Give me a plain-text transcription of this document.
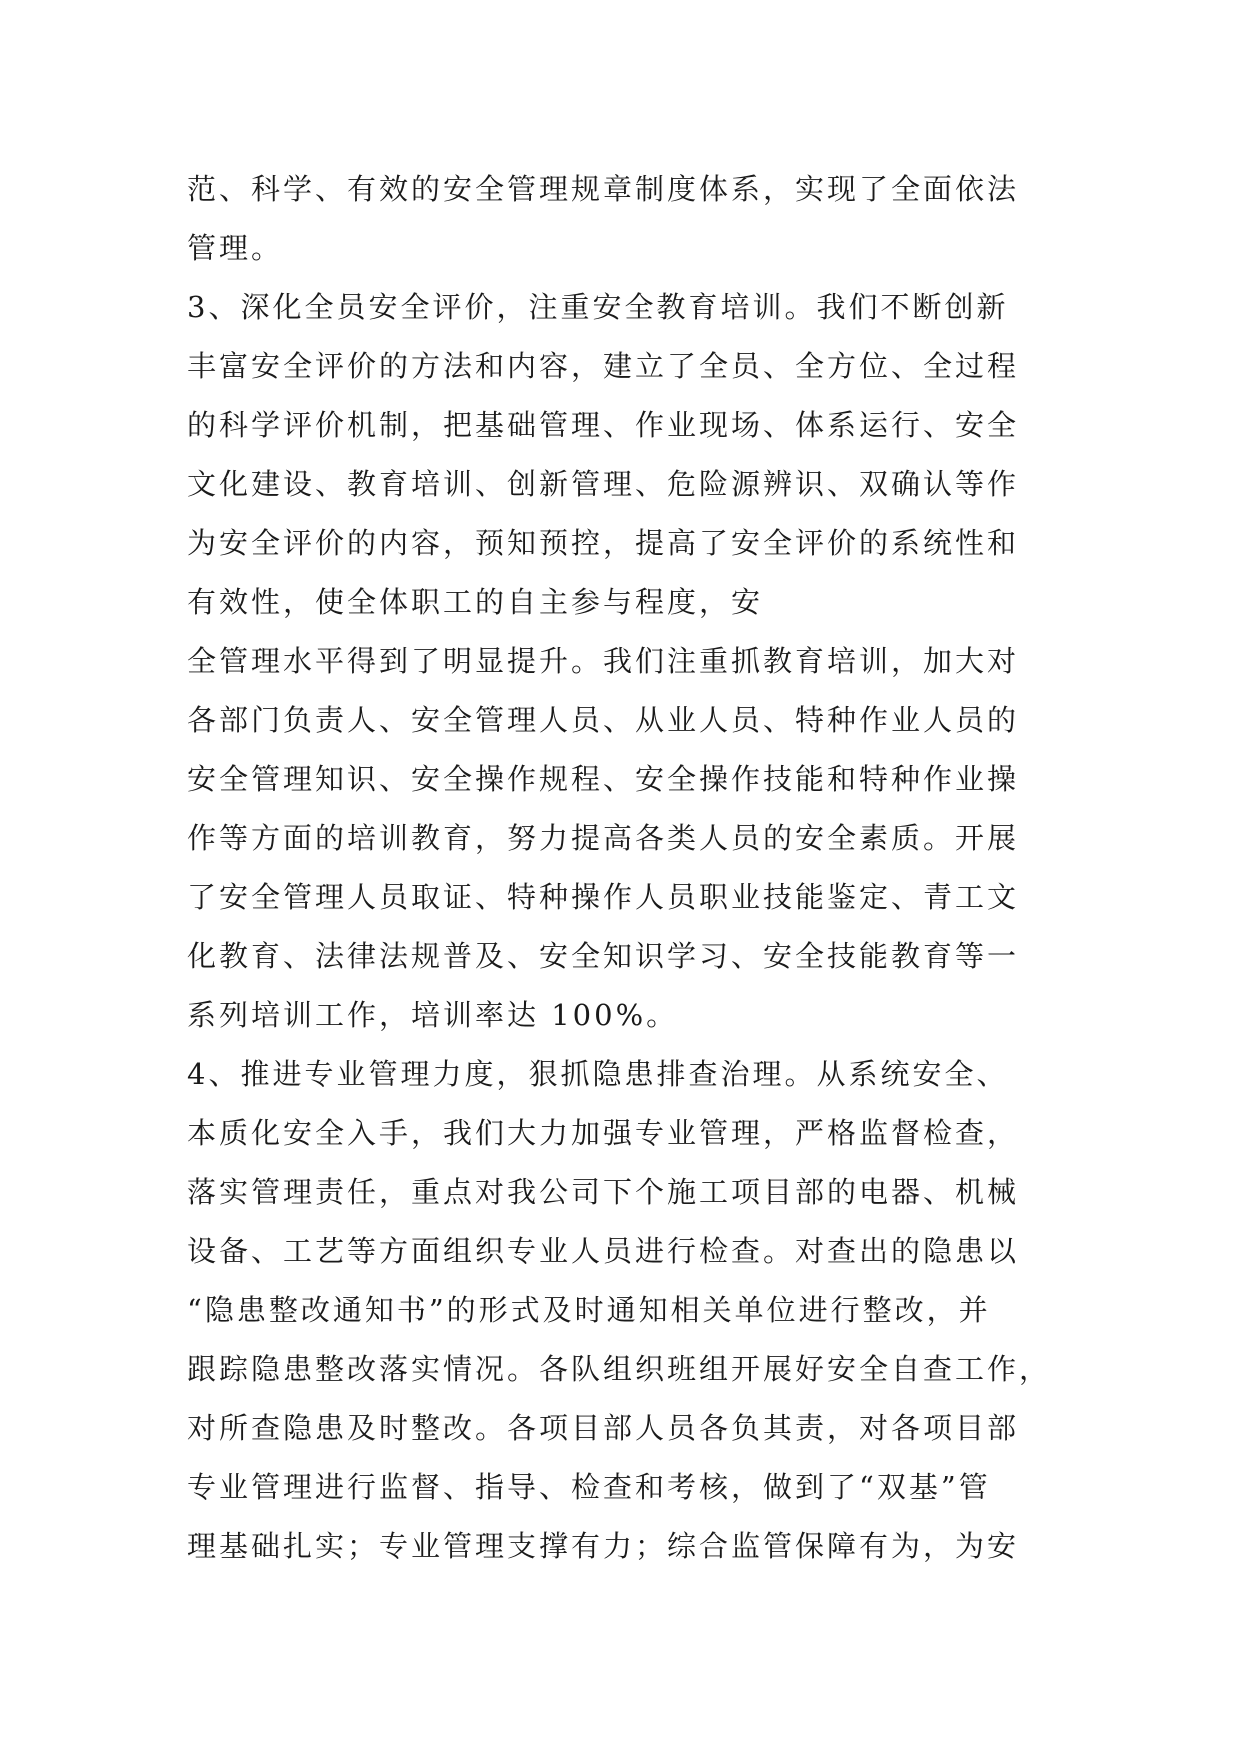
范、科学、有效的安全管理规章制度体系，实现了全面依法
管理。
3、深化全员安全评价，注重安全教育培训。我们不断创新
丰富安全评价的方法和内容，建立了全员、全方位、全过程
的科学评价机制，把基础管理、作业现场、体系运行、安全
文化建设、教育培训、创新管理、危险源辨识、双确认等作
为安全评价的内容，预知预控，提高了安全评价的系统性和
有效性，使全体职工的自主参与程度，安
全管理水平得到了明显提升。我们注重抓教育培训，加大对
各部门负责人、安全管理人员、从业人员、特种作业人员的
安全管理知识、安全操作规程、安全操作技能和特种作业操
作等方面的培训教育，努力提高各类人员的安全素质。开展
了安全管理人员取证、特种操作人员职业技能鉴定、青工文
化教育、法律法规普及、安全知识学习、安全技能教育等一
系列培训工作，培训率达 100%。
4、推进专业管理力度，狠抓隐患排查治理。从系统安全、
本质化安全入手，我们大力加强专业管理，严格监督检查，
落实管理责任，重点对我公司下个施工项目部的电器、机械
设备、工艺等方面组织专业人员进行检查。对查出的隐患以
“隐患整改通知书”的形式及时通知相关单位进行整改，并
跟踪隐患整改落实情况。各队组织班组开展好安全自查工作，
对所查隐患及时整改。各项目部人员各负其责，对各项目部
专业管理进行监督、指导、检查和考核，做到了“双基”管
理基础扎实；专业管理支撑有力；综合监管保障有为，为安
